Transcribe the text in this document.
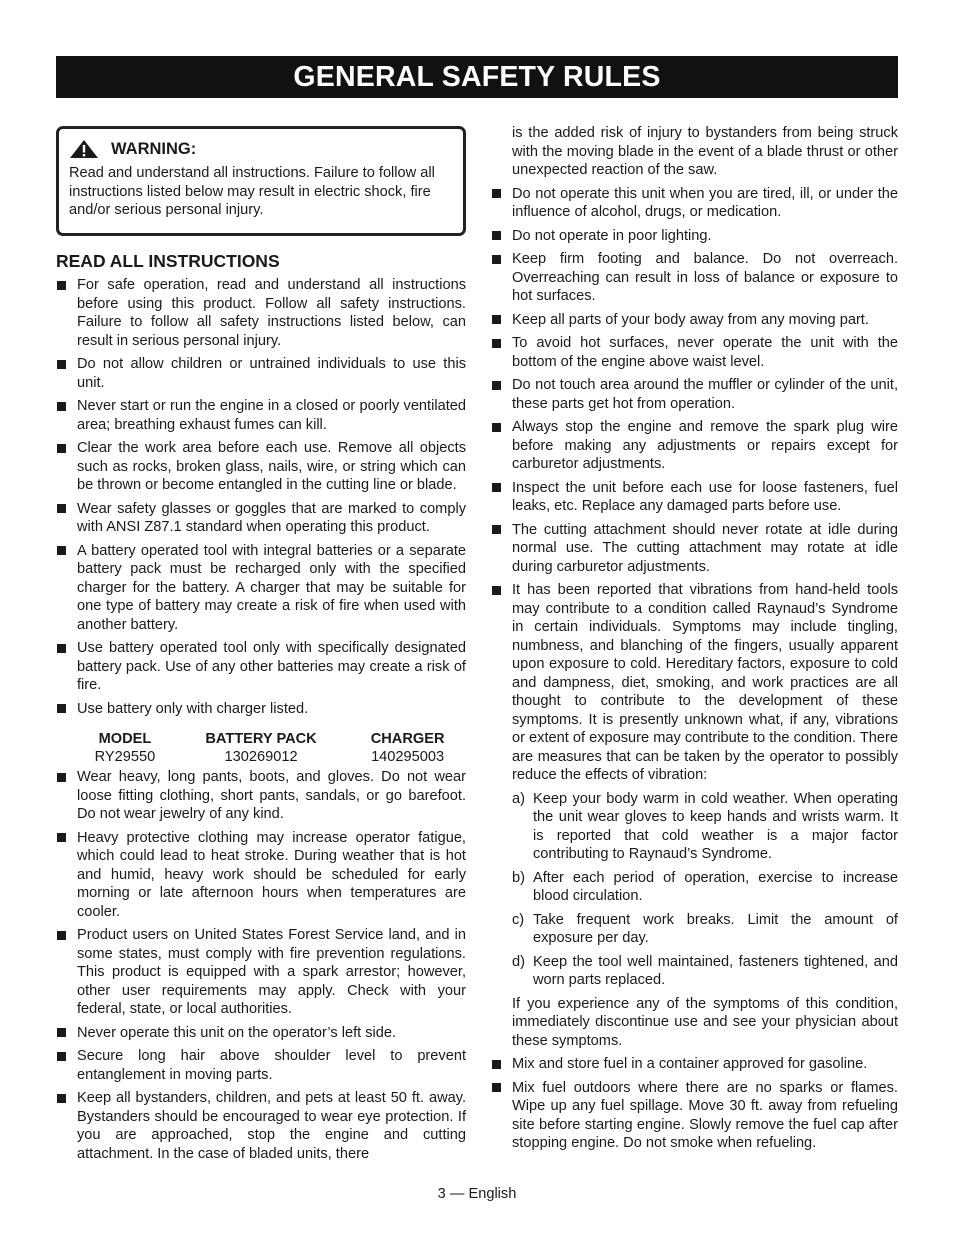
GENERAL SAFETY RULES
WARNING:
Read and understand all instructions. Failure to follow all instructions listed below may result in electric shock, fire and/or serious personal injury.
READ ALL INSTRUCTIONS
For safe operation, read and understand all instructions before using this product. Follow all safety instructions. Failure to follow all safety instructions listed below, can result in serious personal injury.
Do not allow children or untrained individuals to use this unit.
Never start or run the engine in a closed or poorly ventilated area; breathing exhaust fumes can kill.
Clear the work area before each use. Remove all objects such as rocks, broken glass, nails, wire, or string which can be thrown or become entangled in the cutting line or blade.
Wear safety glasses or goggles that are marked to comply with ANSI Z87.1 standard when operating this product.
A battery operated tool with integral batteries or a separate battery pack must be recharged only with the specified charger for the battery. A charger that may be suitable for one type of battery may create a risk of fire when used with another battery.
Use battery operated tool only with specifically designated battery pack. Use of any other batteries may create a risk of fire.
Use battery only with charger listed.
MODEL	BATTERY PACK	CHARGER
RY29550	130269012	140295003
Wear heavy, long pants, boots, and gloves. Do not wear loose fitting clothing, short pants, sandals, or go barefoot. Do not wear jewelry of any kind.
Heavy protective clothing may increase operator fatigue, which could lead to heat stroke. During weather that is hot and humid, heavy work should be scheduled for early morning or late afternoon hours when temperatures are cooler.
Product users on United States Forest Service land, and in some states, must comply with fire prevention regulations. This product is equipped with a spark arrestor; however, other user requirements may apply. Check with your federal, state, or local authorities.
Never operate this unit on the operator’s left side.
Secure long hair above shoulder level to prevent entanglement in moving parts.
Keep all bystanders, children, and pets at least 50 ft. away. Bystanders should be encouraged to wear eye protection. If you are approached, stop the engine and cutting attachment. In the case of bladed units, there
is the added risk of injury to bystanders from being struck with the moving blade in the event of a blade thrust or other unexpected reaction of the saw.
Do not operate this unit when you are tired, ill, or under the influence of alcohol, drugs, or medication.
Do not operate in poor lighting.
Keep firm footing and balance. Do not overreach. Overreaching can result in loss of balance or exposure to hot surfaces.
Keep all parts of your body away from any moving part.
To avoid hot surfaces, never operate the unit with the bottom of the engine above waist level.
Do not touch area around the muffler or cylinder of the unit, these parts get hot from operation.
Always stop the engine and remove the spark plug wire before making any adjustments or repairs except for carburetor adjustments.
Inspect the unit before each use for loose fasteners, fuel leaks, etc. Replace any damaged parts before use.
The cutting attachment should never rotate at idle during normal use. The cutting attachment may rotate at idle during carburetor adjustments.
It has been reported that vibrations from hand-held tools may contribute to a condition called Raynaud’s Syndrome in certain individuals. Symptoms may include tingling, numbness, and blanching of the fingers, usually apparent upon exposure to cold. Hereditary factors, exposure to cold and dampness, diet, smoking, and work practices are all thought to contribute to the development of these symptoms. It is presently unknown what, if any, vibrations or extent of exposure may contribute to the condition. There are measures that can be taken by the operator to possibly reduce the effects of vibration:
a) Keep your body warm in cold weather. When operating the unit wear gloves to keep hands and wrists warm. It is reported that cold weather is a major factor contributing to Raynaud’s Syndrome.
b) After each period of operation, exercise to increase blood circulation.
c) Take frequent work breaks. Limit the amount of exposure per day.
d) Keep the tool well maintained, fasteners tightened, and worn parts replaced.
If you experience any of the symptoms of this condition, immediately discontinue use and see your physician about these symptoms.
Mix and store fuel in a container approved for gasoline.
Mix fuel outdoors where there are no sparks or flames. Wipe up any fuel spillage. Move 30 ft. away from refueling site before starting engine. Slowly remove the fuel cap after stopping engine. Do not smoke when refueling.
3 — English
